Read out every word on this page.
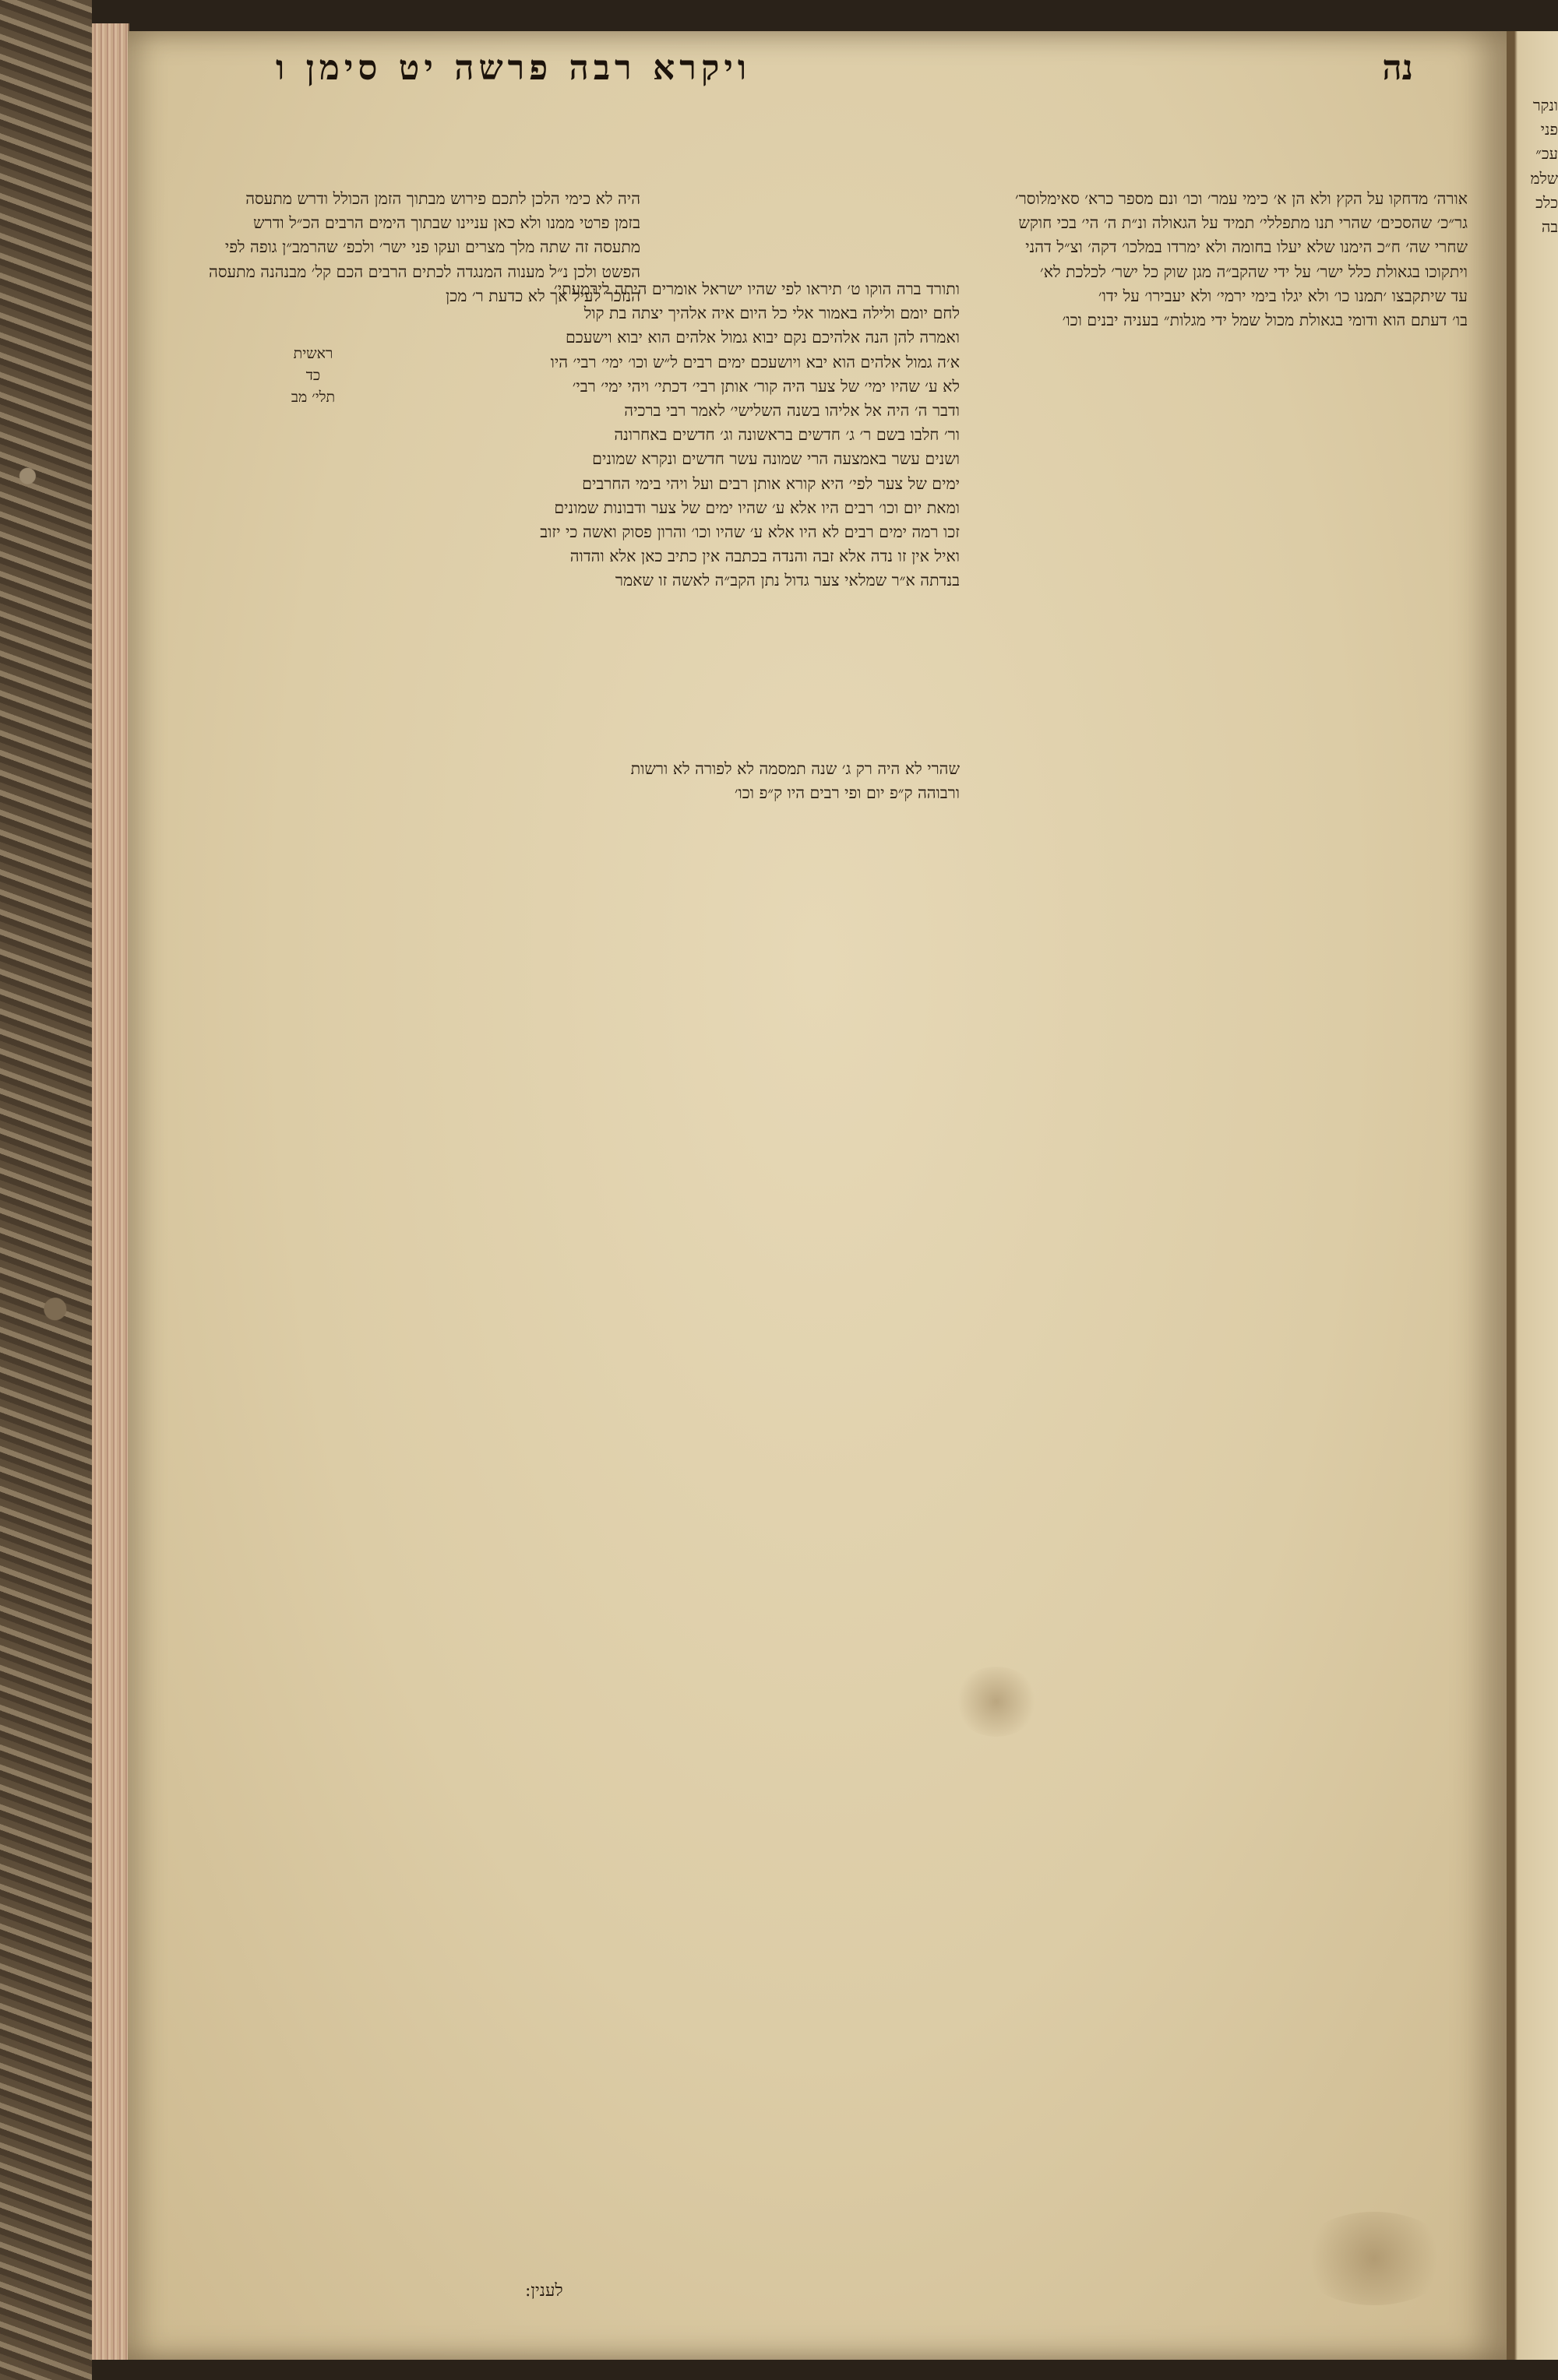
נה
ויקרא רבה פרשה יט סימן ו
ראשית
כד
תלי׳ מב
אורה׳ מדחקו על הקץ ולא הן א׳ כימי עמר׳ וכו׳ ונם מספר כרא׳ סאימלוסר׳
גר״כ׳ שהסכים׳ שהרי תנו מתפללי׳ תמיד על הגאולה ונ״ת ה׳ הי׳ בכי חוקש
שחרי שה׳ ח״כ הימנו שלא יעלו בחומה ולא ימרדו במלכו׳ דקה׳ וצ״ל דהני
ויתקוכו בגאולת כלל ישר׳ על ידי שהקב״ה מגן שוק כל ישר׳ לכלכת לא׳
עד שיתקבצו ׳תמנו כו׳ ולא יגלו בימי ירמי׳ ולא יעבירו׳ על ידו׳
בו׳ דעתם הוא ודומי בגאולת מכול שמל ידי מגלות״ בעניה יבנים וכו׳
ותורד ברה הוקו ט׳ תיראו לפי שהיו ישראל אומרים היתה לירמעתי׳
לחם יומם ולילה באמור אלי כל היום איה אלהיך יצתה בת קול
ואמרה להן הנה אלהיכם נקם יבוא גמול אלהים הוא יבוא וישעכם
א׳ה גמול אלהים הוא יבא ויושעכם ימים רבים ל״ש וכו׳ ימי׳ רבי׳ היו
לא ע׳ שהיו ימי׳ של צער היה קור׳ אותן רבי׳ דכתי׳ ויהי ימי׳ רבי׳
ודבר ה׳ היה אל אליהו בשנה השלישי׳ לאמר רבי ברכיה
ור׳ חלבו בשם ר׳ ג׳ חדשים בראשונה וג׳ חדשים באחרונה
ושנים עשר באמצעה הרי שמונה עשר חדשים ונקרא שמונים
ימים של צער לפי׳ היא קורא אותן רבים ועל ויהי בימי החרבים
ומאת יום וכו׳ רבים היו אלא ע׳ שהיו ימים של צער ודבונות שמונים
זכו רמה ימים רבים לא היו אלא ע׳ שהיו וכו׳ והרון פסוק ואשה כי יזוב
ואיל אין זו נדה אלא זבה והנדה בכתבה אין כתיב כאן אלא והדוה
בנדתה א״ר שמלאי צער גדול נתן הקב״ה לאשה זו שאמר
היה לא כימי הלכן לתכם פירוש מבתוך הזמן הכולל ודרש מתעסה
בזמן פרטי ממנו ולא כאן עניינו שבתוך הימים הרבים הכ״ל ודרש
מתעסה זה שתה מלך מצרים ועקו פני ישר׳ ולכפ׳ שהרמב״ן גופה לפי
הפשט ולכן נ״ל מענוה המנגדה לכתים הרבים הכם קל׳ מבנהנה מתעסה
הנזכר לעיל אך לא כדעת ר׳ מכן
שהרי לא היה רק ג׳ שנה תמסמה לא לפורה לא ורשות
ורבוהה ק״פ יום ופי רבים היו ק״פ וכו׳
לענין:
ונקר
פני
עכ״
שלמ
כלכ
בה
